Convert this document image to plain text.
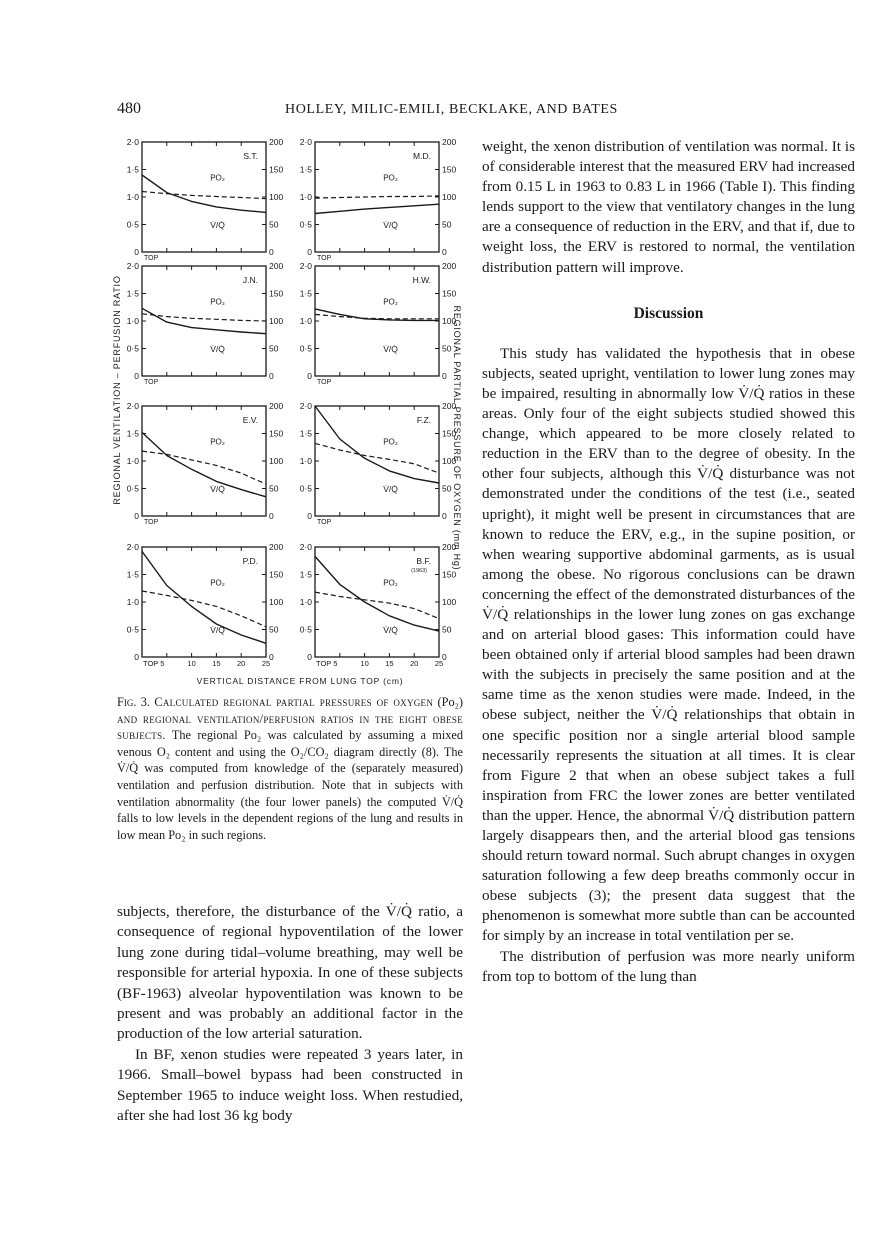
480	HOLLEY, MILIC-EMILI, BECKLAKE, AND BATES
0	0
0·5	50
1·0	100
1·5	150
2·0	200
S.T.
PO₂
V̇/Q̇
TOP
0	0
0·5	50
1·0	100
1·5	150
2·0	200
M.D.
PO₂
V̇/Q̇
TOP
0	0
0·5	50
1·0	100
1·5	150
2·0	200
J.N.
PO₂
V̇/Q̇
TOP
0	0
0·5	50
1·0	100
1·5	150
2·0	200
H.W.
PO₂
V̇/Q̇
TOP
0	0
0·5	50
1·0	100
1·5	150
2·0	200
E.V.
PO₂
V̇/Q̇
TOP
0	0
0·5	50
1·0	100
1·5	150
2·0	200
F.Z.
PO₂
V̇/Q̇
TOP
0	0
0·5	50
1·0	100
1·5	150
2·0	200
P.D.
PO₂
V̇/Q̇
TOP 5	10 15 20 25
0	0
0·5	50
1·0	100
1·5	150
2·0	200
B.F.
(1963)
PO₂
V̇/Q̇
TOP 5	10 15 20 25
VERTICAL DISTANCE FROM LUNG TOP (cm)
REGIONAL VENTILATION – PERFUSION RATIO	REGIONAL PARTIAL PRESSURE OF OXYGEN (mm Hg)
Fig. 3. Calculated regional partial pressures of oxygen (Po₂) and regional ventilation/perfusion ratios in the eight obese subjects. The regional Po₂ was calculated by assuming a mixed venous O₂ content and using the O₂/CO₂ diagram directly (8). The V̇/Q̇ was computed from knowledge of the (separately measured) ventilation and perfusion distribution. Note that in subjects with ventilation abnormality (the four lower panels) the computed V̇/Q̇ falls to low levels in the dependent regions of the lung and results in low mean Po₂ in such regions.

subjects, therefore, the disturbance of the V̇/Q̇ ratio, a consequence of regional hypoventilation of the lower lung zone during tidal–volume breathing, may well be responsible for arterial hypoxia. In one of these subjects (BF-1963) alveolar hypoventilation was known to be present and was probably an additional factor in the production of the low arterial saturation.

In BF, xenon studies were repeated 3 years later, in 1966. Small–bowel bypass had been constructed in September 1965 to induce weight loss. When restudied, after she had lost 36 kg body

weight, the xenon distribution of ventilation was normal. It is of considerable interest that the measured ERV had increased from 0.15 L in 1963 to 0.83 L in 1966 (Table I). This finding lends support to the view that ventilatory changes in the lung are a consequence of reduction in the ERV, and that if, due to weight loss, the ERV is restored to normal, the ventilation distribution pattern will improve.

Discussion

This study has validated the hypothesis that in obese subjects, seated upright, ventilation to lower lung zones may be impaired, resulting in abnormally low V̇/Q̇ ratios in these areas. Only four of the eight subjects studied showed this change, which appeared to be more closely related to reduction in the ERV than to the degree of obesity. In the other four subjects, although this V̇/Q̇ disturbance was not demonstrated under the conditions of the test (i.e., seated upright), it might well be present in circumstances that are known to reduce the ERV, e.g., in the supine position, or when wearing supportive abdominal garments, as is usual among the obese. No rigorous conclusions can be drawn concerning the effect of the demonstrated disturbances of the V̇/Q̇ relationships in the lower lung zones on gas exchange and on arterial blood gases: This information could have been obtained only if arterial blood samples had been drawn with the subjects in precisely the same position and at the same time as the xenon studies were made. Indeed, in the obese subject, neither the V̇/Q̇ relationships that obtain in one specific position nor a single arterial blood sample necessarily represents the situation at all times. It is clear from Figure 2 that when an obese subject takes a full inspiration from FRC the lower zones are better ventilated than the upper. Hence, the abnormal V̇/Q̇ distribution pattern largely disappears then, and the arterial blood gas tensions should return toward normal. Such abrupt changes in oxygen saturation following a few deep breaths commonly occur in obese subjects (3); the present data suggest that the phenomenon is somewhat more subtle than can be accounted for simply by an increase in total ventilation per se.

The distribution of perfusion was more nearly uniform from top to bottom of the lung than
